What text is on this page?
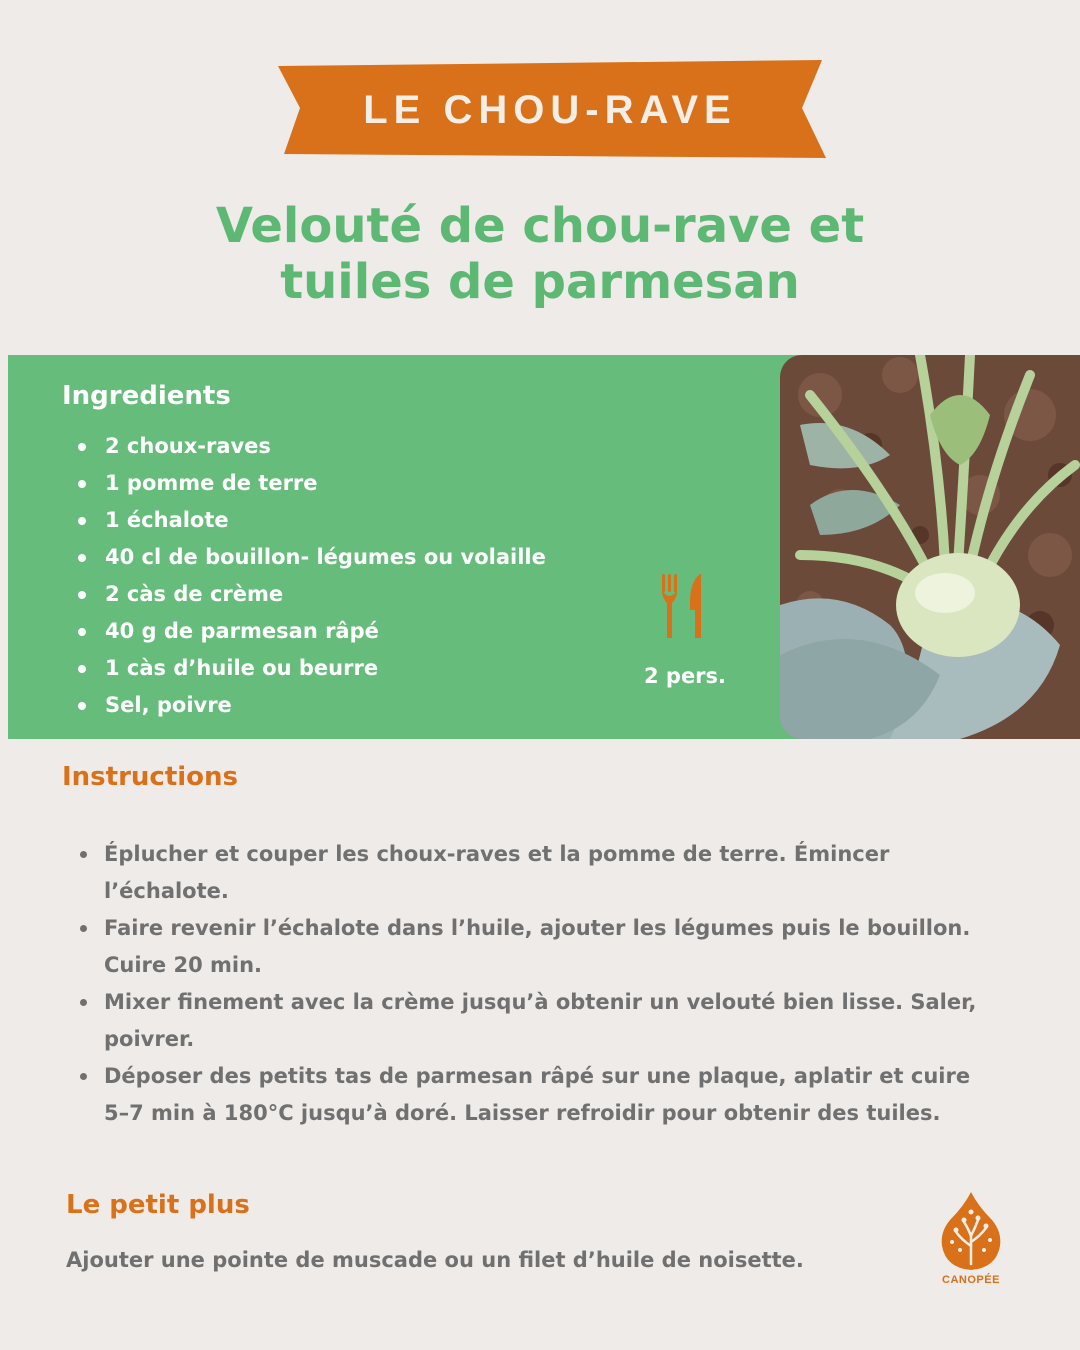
LE CHOU-RAVE
Velouté de chou-rave et
tuiles de parmesan
Ingredients
2 choux-raves
1 pomme de terre
1 échalote
40 cl de bouillon- légumes ou volaille
2 càs de crème
40 g de parmesan râpé
1 càs d’huile ou beurre
Sel, poivre
2 pers.
Instructions
Éplucher et couper les choux-raves et la pomme de terre. Émincer
l’échalote.
Faire revenir l’échalote dans l’huile, ajouter les légumes puis le bouillon.
Cuire 20 min.
Mixer finement avec la crème jusqu’à obtenir un velouté bien lisse. Saler,
poivrer.
Déposer des petits tas de parmesan râpé sur une plaque, aplatir et cuire
5–7 min à 180°C jusqu’à doré. Laisser refroidir pour obtenir des tuiles.
Le petit plus
Ajouter une pointe de muscade ou un filet d’huile de noisette.
CANOPÉE
